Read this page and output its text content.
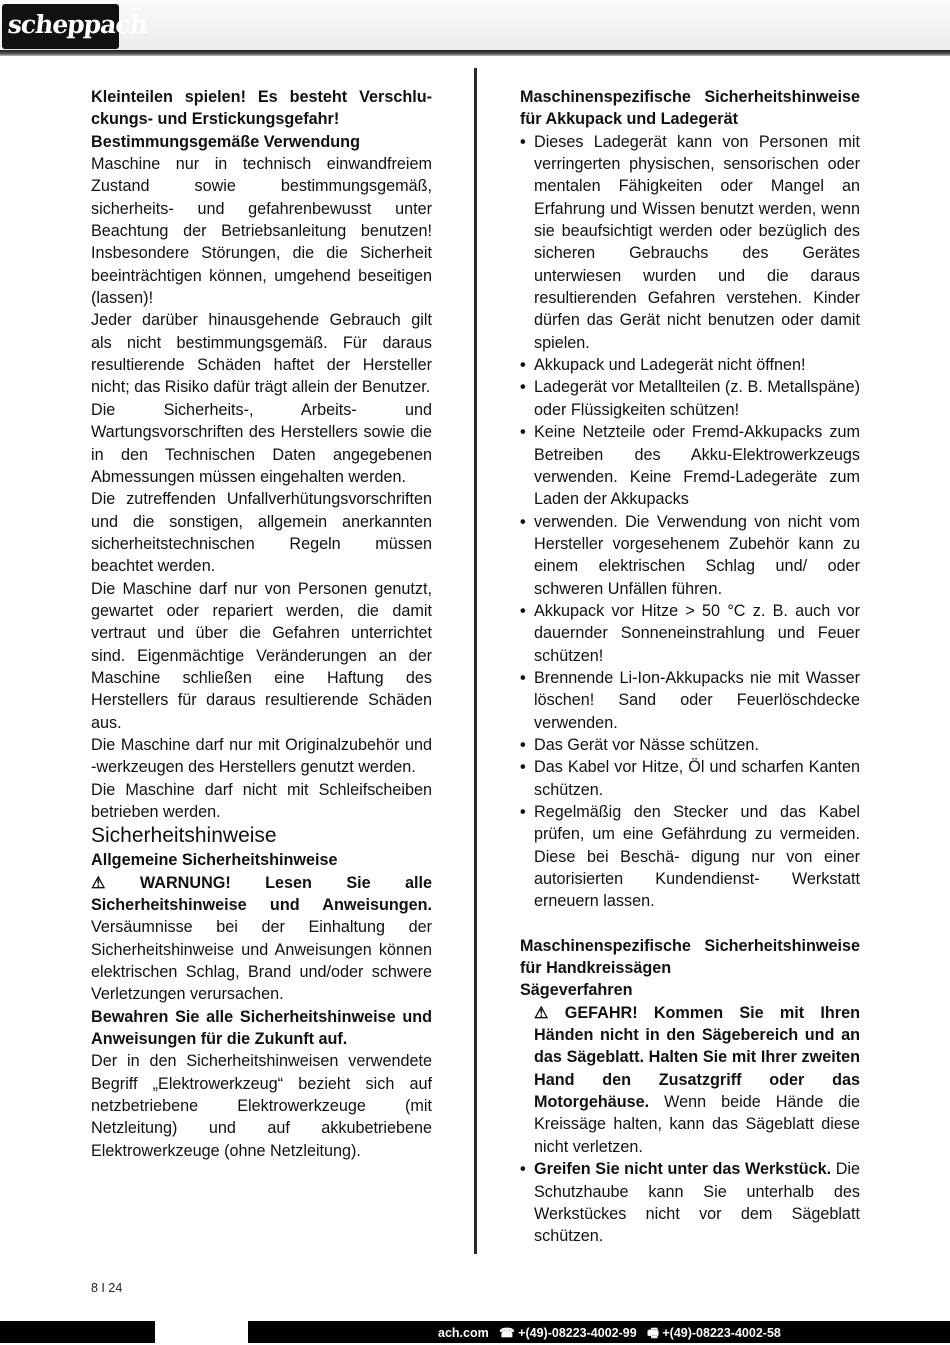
scheppach

Kleinteilen spielen! Es besteht Verschluckungs- und Erstickungsgefahr!

Bestimmungsgemäße Verwendung

Maschine nur in technisch einwandfreiem Zustand sowie bestimmungsgemäß, sicherheits- und gefahrenbewusst unter Beachtung der Betriebsanleitung benutzen! Insbesondere Störungen, die die Sicherheit beeinträchtigen können, umgehend beseitigen (lassen)!

Jeder darüber hinausgehende Gebrauch gilt als nicht bestimmungsgemäß. Für daraus resultierende Schäden haftet der Hersteller nicht; das Risiko dafür trägt allein der Benutzer.

Die Sicherheits-, Arbeits- und Wartungsvorschriften des Herstellers sowie die in den Technischen Daten angegebenen Abmessungen müssen eingehalten werden.

Die zutreffenden Unfallverhütungsvorschriften und die sonstigen, allgemein anerkannten sicherheitstechnischen Regeln müssen beachtet werden.

Die Maschine darf nur von Personen genutzt, gewartet oder repariert werden, die damit vertraut und über die Gefahren unterrichtet sind. Eigenmächtige Veränderungen an der Maschine schließen eine Haftung des Herstellers für daraus resultierende Schäden aus.

Die Maschine darf nur mit Originalzubehör und -werkzeugen des Herstellers genutzt werden.

Die Maschine darf nicht mit Schleifscheiben betrieben werden.

Sicherheitshinweise

Allgemeine Sicherheitshinweise

⚠ WARNUNG! Lesen Sie alle Sicherheitshinweise und Anweisungen. Versäumnisse bei der Einhaltung der Sicherheitshinweise und Anweisungen können elektrischen Schlag, Brand und/oder schwere Verletzungen verursachen.

Bewahren Sie alle Sicherheitshinweise und Anweisungen für die Zukunft auf.

Der in den Sicherheitshinweisen verwendete Begriff „Elektrowerkzeug“ bezieht sich auf netzbetriebene Elektrowerkzeuge (mit Netzleitung) und auf akkubetriebene Elektrowerkzeuge (ohne Netzleitung).

Maschinenspezifische Sicherheitshinweise für Akkupack und Ladegerät

• Dieses Ladegerät kann von Personen mit verringerten physischen, sensorischen oder mentalen Fähigkeiten oder Mangel an Erfahrung und Wissen benutzt werden, wenn sie beaufsichtigt werden oder bezüglich des sicheren Gebrauchs des Gerätes unterwiesen wurden und die daraus resultierenden Gefahren verstehen. Kinder dürfen das Gerät nicht benutzen oder damit spielen.
• Akkupack und Ladegerät nicht öffnen!
• Ladegerät vor Metallteilen (z. B. Metallspäne) oder Flüssigkeiten schützen!
• Keine Netzteile oder Fremd-Akkupacks zum Betreiben des Akku-Elektrowerkzeugs verwenden. Keine Fremd-Ladegeräte zum Laden der Akkupacks
• verwenden. Die Verwendung von nicht vom Hersteller vorgesehenem Zubehör kann zu einem elektrischen Schlag und/ oder schweren Unfällen führen.
• Akkupack vor Hitze > 50 °C z. B. auch vor dauernder Sonneneinstrahlung und Feuer schützen!
• Brennende Li-Ion-Akkupacks nie mit Wasser löschen! Sand oder Feuerlöschdecke verwenden.
• Das Gerät vor Nässe schützen.
• Das Kabel vor Hitze, Öl und scharfen Kanten schützen.
• Regelmäßig den Stecker und das Kabel prüfen, um eine Gefährdung zu vermeiden. Diese bei Beschä- digung nur von einer autorisierten Kundendienst- Werkstatt erneuern lassen.

Maschinenspezifische Sicherheitshinweise für Handkreissägen

Sägeverfahren

⚠ GEFAHR! Kommen Sie mit Ihren Händen nicht in den Sägebereich und an das Sägeblatt. Halten Sie mit Ihrer zweiten Hand den Zusatzgriff oder das Motorgehäuse. Wenn beide Hände die Kreissäge halten, kann das Sägeblatt diese nicht verletzen.

• Greifen Sie nicht unter das Werkstück. Die Schutzhaube kann Sie unterhalb des Werkstückes nicht vor dem Sägeblatt schützen.
8 I 24
ach.com   ☎ +(49)-08223-4002-99   🖷 +(49)-08223-4002-58
